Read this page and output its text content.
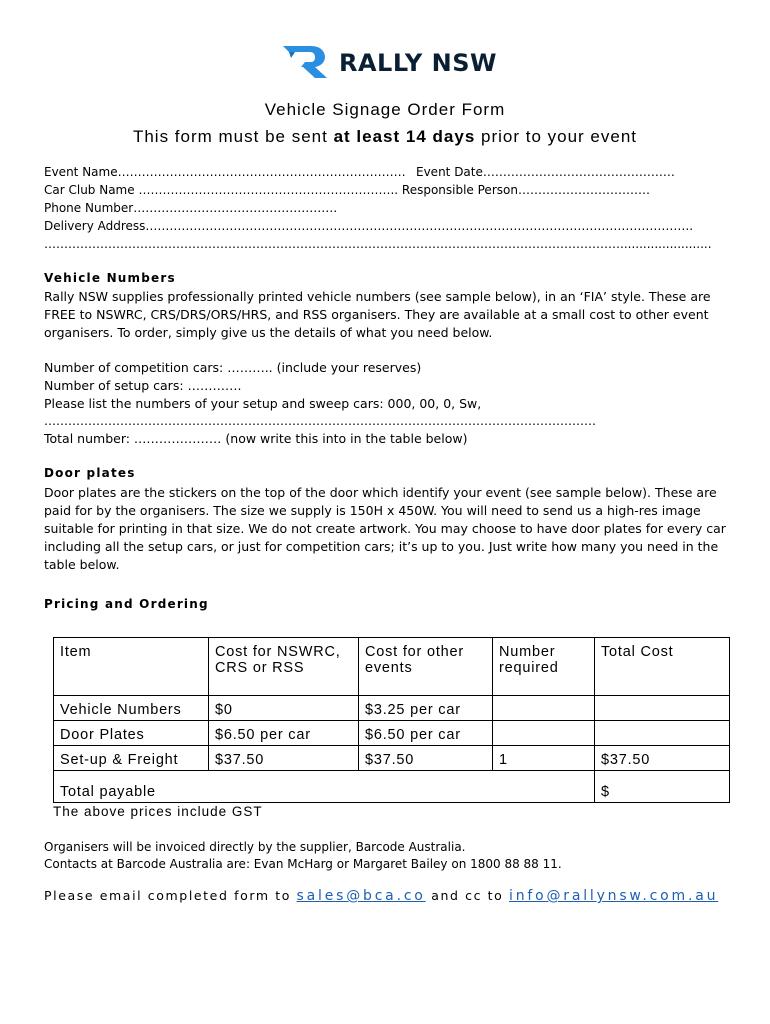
RALLY NSW
Vehicle Signage Order Form
This form must be sent at least 14 days prior to your event
Event Name……………………………………………………………… Event Date…………………………………………
Car Club Name ……………………………………………………….. Responsible Person……………………………
Phone Number……………………………………………
Delivery Address………………………………………………………………………………………………………………………..
………………………………………………………………………………………………………………………………........................
Vehicle Numbers
Rally NSW supplies professionally printed vehicle numbers (see sample below), in an ‘FIA’ style. These are FREE to NSWRC, CRS/DRS/ORS/HRS, and RSS organisers. They are available at a small cost to other event organisers. To order, simply give us the details of what you need below.
Number of competition cars: ……….. (include your reserves)
Number of setup cars: ………….
Please list the numbers of your setup and sweep cars: 000, 00, 0, Sw,
…………………………………………………………………………………………………………………………
Total number: ………………… (now write this into in the table below)
Door plates
Door plates are the stickers on the top of the door which identify your event (see sample below). These are paid for by the organisers. The size we supply is 150H x 450W. You will need to send us a high-res image suitable for printing in that size. We do not create artwork. You may choose to have door plates for every car including all the setup cars, or just for competition cars; it’s up to you. Just write how many you need in the table below.
Pricing and Ordering
Item	Cost for NSWRC, CRS or RSS	Cost for other events	Number required	Total Cost
Vehicle Numbers	$0	$3.25 per car		
Door Plates	$6.50 per car	$6.50 per car		
Set-up & Freight	$37.50	$37.50	1	$37.50
Total payable				$
The above prices include GST
Organisers will be invoiced directly by the supplier, Barcode Australia.
Contacts at Barcode Australia are: Evan McHarg or Margaret Bailey on 1800 88 88 11.
Please email completed form to sales@bca.co and cc to info@rallynsw.com.au
